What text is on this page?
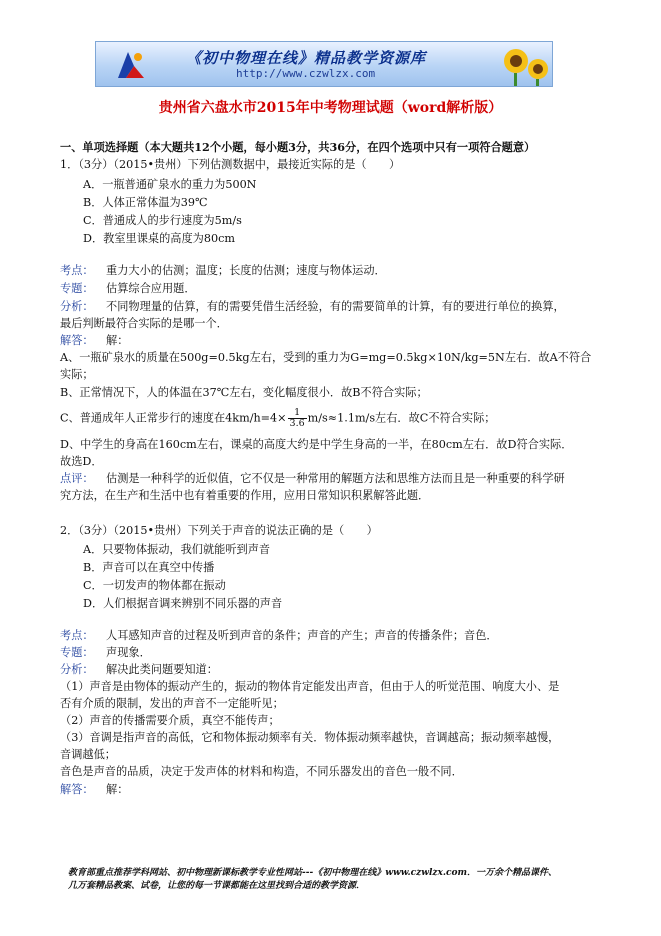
《初中物理在线》精品教学资源库
http://www.czwlzx.com
贵州省六盘水市2015年中考物理试题（word解析版）
一、单项选择题（本大题共12个小题，每小题3分，共36分，在四个选项中只有一项符合题意）
1．（3分）（2015•贵州）下列估测数据中，最接近实际的是（　　）
A．一瓶普通矿泉水的重力为500N
B．人体正常体温为39℃
C．普通成人的步行速度为5m/s
D．教室里课桌的高度为80cm
考点： 重力大小的估测；温度；长度的估测；速度与物体运动．
专题： 估算综合应用题．
分析： 不同物理量的估算，有的需要凭借生活经验，有的需要简单的计算，有的要进行单位的换算，
最后判断最符合实际的是哪一个．
解答： 解：
A、一瓶矿泉水的质量在500g=0.5kg左右，受到的重力为G=mg=0.5kg×10N/kg=5N左右．故A不符合
实际；
B、正常情况下，人的体温在37℃左右，变化幅度很小．故B不符合实际；
C、普通成年人正常步行的速度在$4km/h=4\times \frac{1}{3.6} m/s\approx 1.1m/s$左右．故C不符合实际；
D、中学生的身高在160cm左右，课桌的高度大约是中学生身高的一半，在80cm左右．故D符合实际．
故选D．
点评： 估测是一种科学的近似值，它不仅是一种常用的解题方法和思维方法而且是一种重要的科学研
究方法，在生产和生活中也有着重要的作用，应用日常知识积累解答此题．
2．（3分）（2015•贵州）下列关于声音的说法正确的是（　　）
A．只要物体振动，我们就能听到声音
B．声音可以在真空中传播
C．一切发声的物体都在振动
D．人们根据音调来辨别不同乐器的声音
考点： 人耳感知声音的过程及听到声音的条件；声音的产生；声音的传播条件；音色．
专题： 声现象．
分析： 解决此类问题要知道：
（1）声音是由物体的振动产生的，振动的物体肯定能发出声音，但由于人的听觉范围、响度大小、是
否有介质的限制，发出的声音不一定能听见；
（2）声音的传播需要介质，真空不能传声；
（3）音调是指声音的高低，它和物体振动频率有关．物体振动频率越快，音调越高；振动频率越慢，
音调越低；
音色是声音的品质，决定于发声体的材料和构造，不同乐器发出的音色一般不同．
解答： 解：
教育部重点推荐学科网站、初中物理新课标教学专业性网站---《初中物理在线》www.czwlzx.com．一万余个精品课件、
几万套精品教案、试卷，让您的每一节课都能在这里找到合适的教学资源．
